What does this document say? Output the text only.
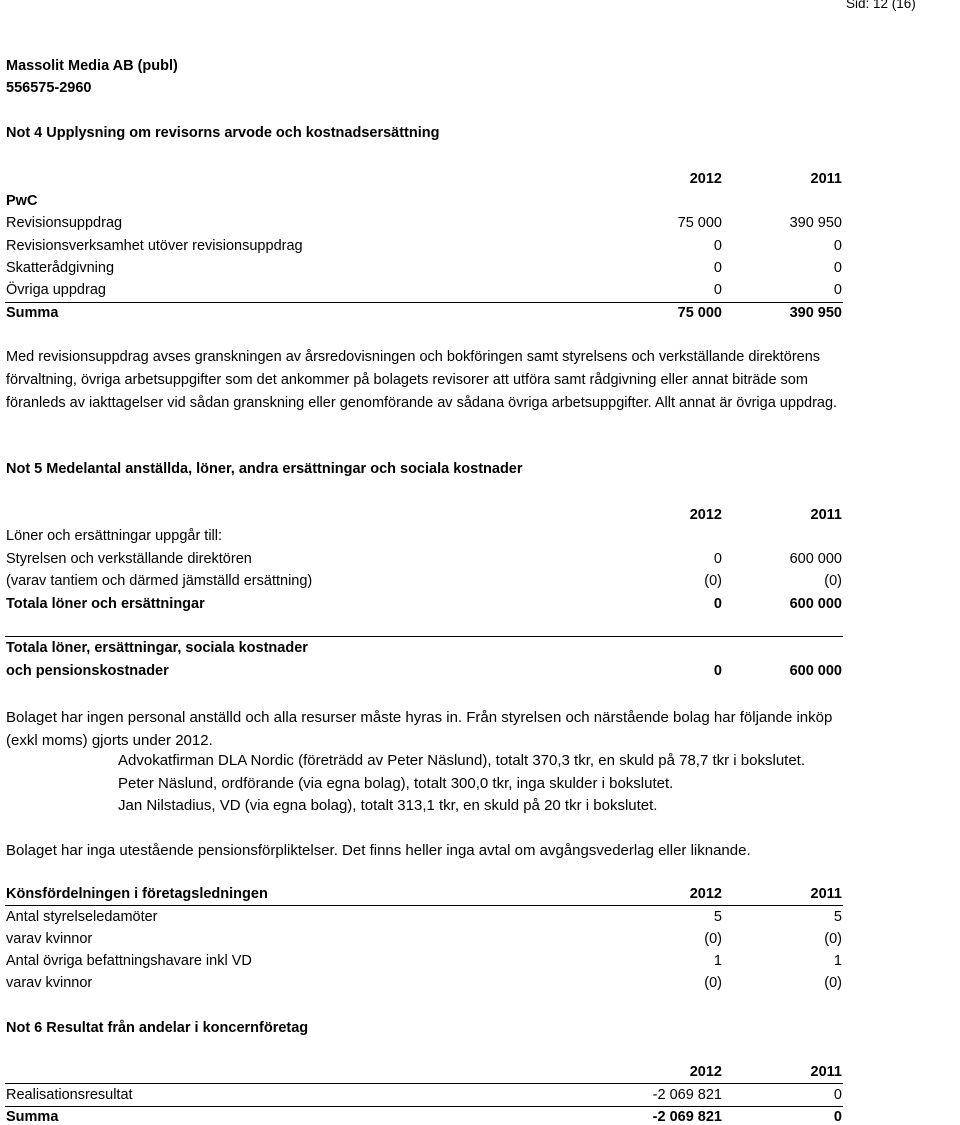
Sid: 12 (16)
Massolit Media AB (publ)
556575-2960
Not 4 Upplysning om revisorns arvode och kostnadsersättning
2012	2011
PwC
Revisionsuppdrag	75 000	390 950
Revisionsverksamhet utöver revisionsuppdrag	0	0
Skatterådgivning	0	0
Övriga uppdrag	0	0
Summa	75 000	390 950
Med revisionsuppdrag avses granskningen av årsredovisningen och bokföringen samt styrelsens och verkställande direktörens förvaltning, övriga arbetsuppgifter som det ankommer på bolagets revisorer att utföra samt rådgivning eller annat biträde som föranleds av iakttagelser vid sådan granskning eller genomförande av sådana övriga arbetsuppgifter. Allt annat är övriga uppdrag.
Not 5 Medelantal anställda, löner, andra ersättningar och sociala kostnader
2012	2011
Löner och ersättningar uppgår till:
Styrelsen och verkställande direktören	0	600 000
(varav tantiem och därmed jämställd ersättning)	(0)	(0)
Totala löner och ersättningar	0	600 000
Totala löner, ersättningar, sociala kostnader
och pensionskostnader	0	600 000
Bolaget har ingen personal anställd och alla resurser måste hyras in. Från styrelsen och närstående bolag har följande inköp (exkl moms) gjorts under 2012.
Advokatfirman DLA Nordic (företrädd av Peter Näslund), totalt 370,3 tkr, en skuld på 78,7 tkr i bokslutet.
Peter Näslund, ordförande (via egna bolag), totalt 300,0 tkr, inga skulder i bokslutet.
Jan Nilstadius, VD (via egna bolag), totalt 313,1 tkr, en skuld på 20 tkr i bokslutet.
Bolaget har inga utestående pensionsförpliktelser. Det finns heller inga avtal om avgångsvederlag eller liknande.
Könsfördelningen i företagsledningen	2012	2011
Antal styrelseledamöter	5	5
varav kvinnor	(0)	(0)
Antal övriga befattningshavare inkl VD	1	1
varav kvinnor	(0)	(0)
Not 6 Resultat från andelar i koncernföretag
2012	2011
Realisationsresultat	-2 069 821	0
Summa	-2 069 821	0
